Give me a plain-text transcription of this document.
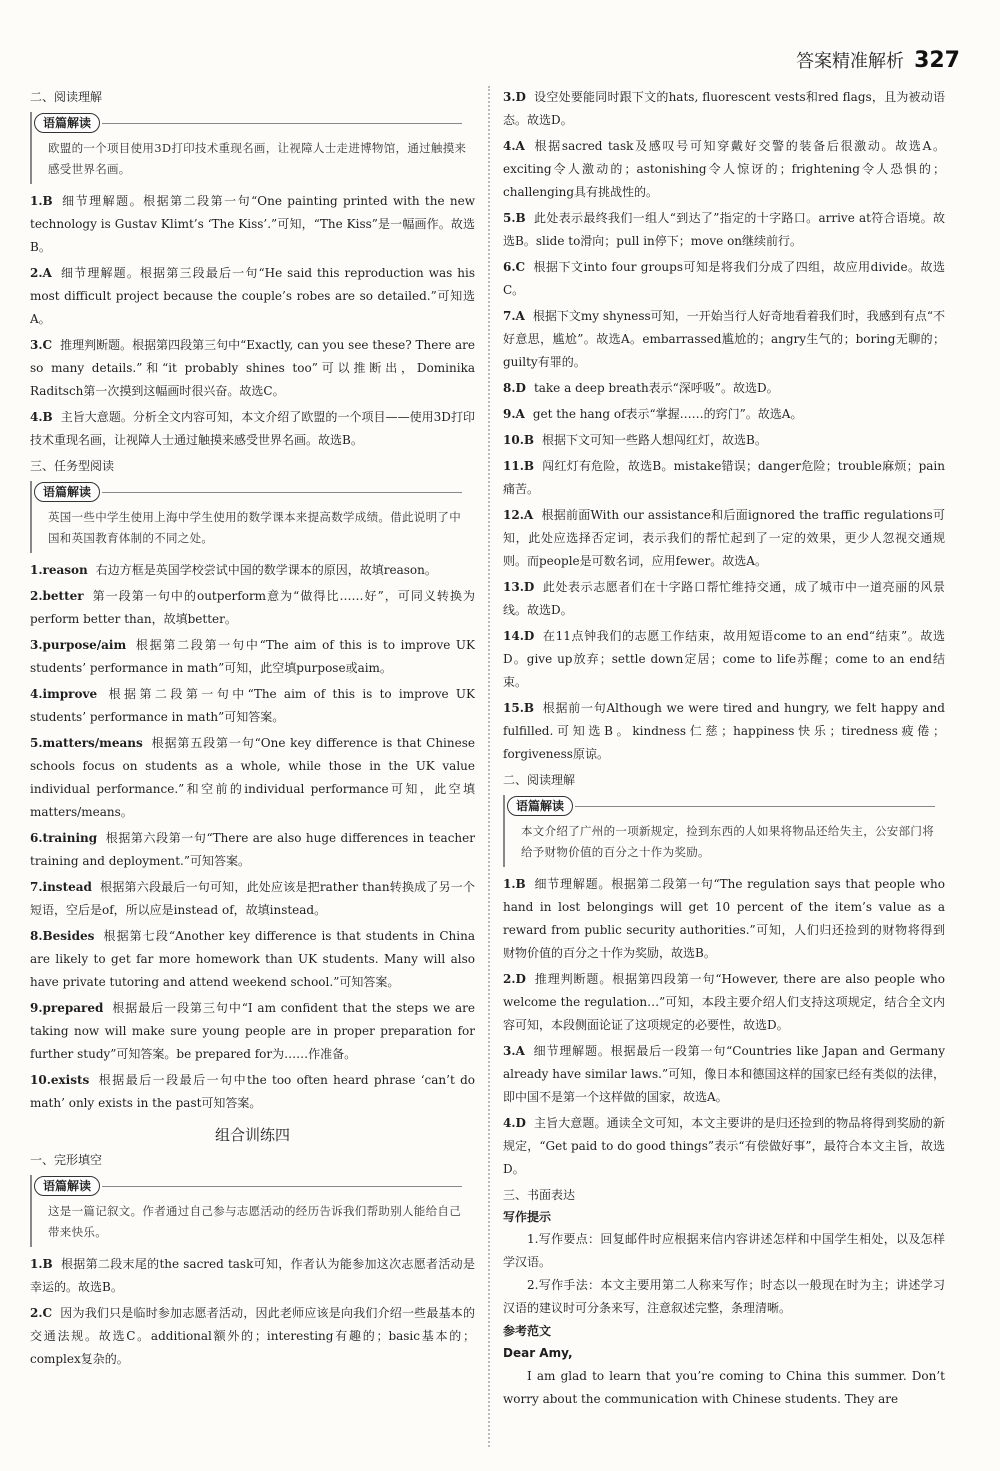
答案精准解析 327

二、阅读理解

语篇解读
欧盟的一个项目使用3D打印技术重现名画，让视障人士走进博物馆，通过触摸来感受世界名画。

1.B 细节理解题。根据第二段第一句“One painting printed with the new technology is Gustav Klimt’s ‘The Kiss’.”可知，“The Kiss”是一幅画作。故选B。

2.A 细节理解题。根据第三段最后一句“He said this reproduction was his most difficult project because the couple’s robes are so detailed.”可知选A。

3.C 推理判断题。根据第四段第三句中“Exactly, can you see these? There are so many details.”和“it probably shines too”可以推断出，Dominika Raditsch第一次摸到这幅画时很兴奋。故选C。

4.B 主旨大意题。分析全文内容可知，本文介绍了欧盟的一个项目——使用3D打印技术重现名画，让视障人士通过触摸来感受世界名画。故选B。

三、任务型阅读

语篇解读
英国一些中学生使用上海中学生使用的数学课本来提高数学成绩。借此说明了中国和英国教育体制的不同之处。

1.reason 右边方框是英国学校尝试中国的数学课本的原因，故填reason。

2.better 第一段第一句中的outperform意为“做得比……好”，可同义转换为perform better than，故填better。

3.purpose/aim 根据第二段第一句中“The aim of this is to improve UK students’ performance in math”可知，此空填purpose或aim。

4.improve 根据第二段第一句中“The aim of this is to improve UK students’ performance in math”可知答案。

5.matters/means 根据第五段第一句“One key difference is that Chinese schools focus on students as a whole, while those in the UK value individual performance.”和空前的individual performance可知，此空填matters/means。

6.training 根据第六段第一句“There are also huge differences in teacher training and deployment.”可知答案。

7.instead 根据第六段最后一句可知，此处应该是把rather than转换成了另一个短语，空后是of，所以应是instead of，故填instead。

8.Besides 根据第七段“Another key difference is that students in China are likely to get far more homework than UK students. Many will also have private tutoring and attend weekend school.”可知答案。

9.prepared 根据最后一段第三句中“I am confident that the steps we are taking now will make sure young people are in proper preparation for further study”可知答案。be prepared for为……作准备。

10.exists 根据最后一段最后一句中the too often heard phrase ‘can’t do math’ only exists in the past可知答案。

组合训练四

一、完形填空

语篇解读
这是一篇记叙文。作者通过自己参与志愿活动的经历告诉我们帮助别人能给自己带来快乐。

1.B 根据第二段末尾的the sacred task可知，作者认为能参加这次志愿者活动是幸运的。故选B。

2.C 因为我们只是临时参加志愿者活动，因此老师应该是向我们介绍一些最基本的交通法规。故选C。additional额外的；interesting有趣的；basic基本的；complex复杂的。

3.D 设空处要能同时跟下文的hats, fluorescent vests和red flags，且为被动语态。故选D。

4.A 根据sacred task及感叹号可知穿戴好交警的装备后很激动。故选A。exciting令人激动的；astonishing令人惊讶的；frightening令人恐惧的；challenging具有挑战性的。

5.B 此处表示最终我们一组人“到达了”指定的十字路口。arrive at符合语境。故选B。slide to滑向；pull in停下；move on继续前行。

6.C 根据下文into four groups可知是将我们分成了四组，故应用divide。故选C。

7.A 根据下文my shyness可知，一开始当行人好奇地看着我们时，我感到有点“不好意思，尴尬”。故选A。embarrassed尴尬的；angry生气的；boring无聊的；guilty有罪的。

8.D take a deep breath表示“深呼吸”。故选D。

9.A get the hang of表示“掌握……的窍门”。故选A。

10.B 根据下文可知一些路人想闯红灯，故选B。

11.B 闯红灯有危险，故选B。mistake错误；danger危险；trouble麻烦；pain痛苦。

12.A 根据前面With our assistance和后面ignored the traffic regulations可知，此处应选择否定词，表示我们的帮忙起到了一定的效果，更少人忽视交通规则。而people是可数名词，应用fewer。故选A。

13.D 此处表示志愿者们在十字路口帮忙维持交通，成了城市中一道亮丽的风景线。故选D。

14.D 在11点钟我们的志愿工作结束，故用短语come to an end“结束”。故选D。give up放弃；settle down定居；come to life苏醒；come to an end结束。

15.B 根据前一句Although we were tired and hungry, we felt happy and fulfilled.可知选B。kindness仁慈；happiness快乐；tiredness疲倦；forgiveness原谅。

二、阅读理解

语篇解读
本文介绍了广州的一项新规定，捡到东西的人如果将物品还给失主，公安部门将给予财物价值的百分之十作为奖励。

1.B 细节理解题。根据第二段第一句“The regulation says that people who hand in lost belongings will get 10 percent of the item’s value as a reward from public security authorities.”可知，人们归还捡到的财物将得到财物价值的百分之十作为奖励，故选B。

2.D 推理判断题。根据第四段第一句“However, there are also people who welcome the regulation…”可知，本段主要介绍人们支持这项规定，结合全文内容可知，本段侧面论证了这项规定的必要性，故选D。

3.A 细节理解题。根据最后一段第一句“Countries like Japan and Germany already have similar laws.”可知，像日本和德国这样的国家已经有类似的法律，即中国不是第一个这样做的国家，故选A。

4.D 主旨大意题。通读全文可知，本文主要讲的是归还捡到的物品将得到奖励的新规定，“Get paid to do good things”表示“有偿做好事”，最符合本文主旨，故选D。

三、书面表达

写作提示

1.写作要点：回复邮件时应根据来信内容讲述怎样和中国学生相处，以及怎样学汉语。

2.写作手法：本文主要用第二人称来写作；时态以一般现在时为主；讲述学习汉语的建议时可分条来写，注意叙述完整，条理清晰。

参考范文

Dear Amy,

I am glad to learn that you’re coming to China this summer. Don’t worry about the communication with Chinese students. They are
